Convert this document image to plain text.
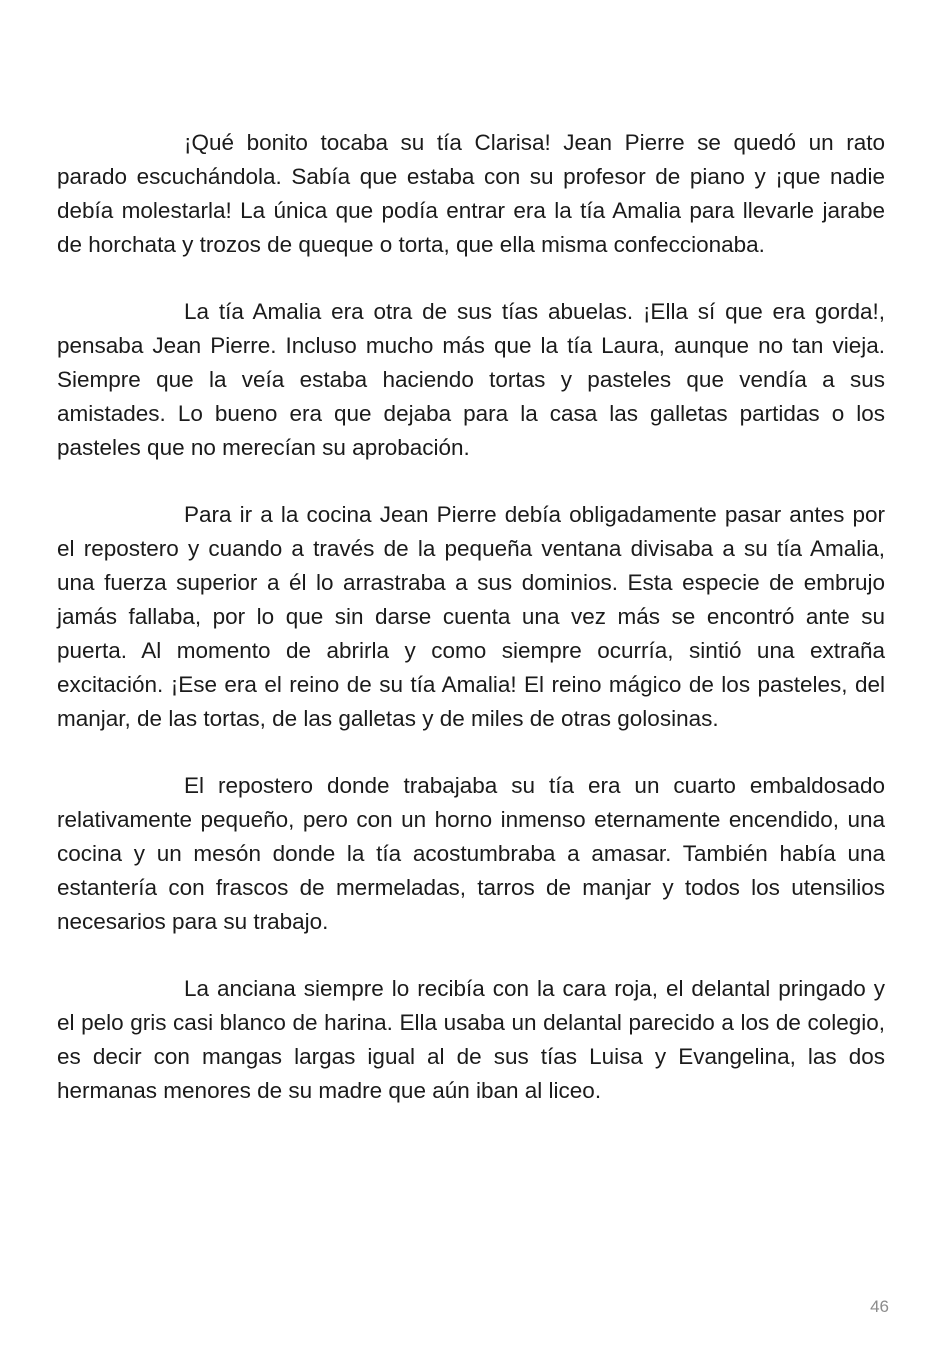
¡Qué bonito tocaba su tía Clarisa! Jean Pierre se quedó un rato parado escuchándola. Sabía que estaba con su profesor de piano y ¡que nadie debía molestarla! La única que podía entrar era la tía Amalia para llevarle jarabe de horchata y trozos de queque o torta, que ella misma confeccionaba.

La tía Amalia era otra de sus tías abuelas. ¡Ella sí que era gorda!, pensaba Jean Pierre. Incluso mucho más que la tía Laura, aunque no tan vieja. Siempre que la veía estaba haciendo tortas y pasteles que vendía a sus amistades. Lo bueno era que dejaba para la casa las galletas partidas o los pasteles que no merecían su aprobación.

Para ir a la cocina Jean Pierre debía obligadamente pasar antes por el repostero y cuando a través de la pequeña ventana divisaba a su tía Amalia, una fuerza superior a él lo arrastraba a sus dominios. Esta especie de embrujo jamás fallaba, por lo que sin darse cuenta una vez más se encontró ante su puerta. Al momento de abrirla y como siempre ocurría, sintió una extraña excitación. ¡Ese era el reino de su tía Amalia! El reino mágico de los pasteles, del manjar, de las tortas, de las galletas y de miles de otras golosinas.

El repostero donde trabajaba su tía era un cuarto embaldosado relativamente pequeño, pero con un horno inmenso eternamente encendido, una cocina y un mesón donde la tía acostumbraba a amasar. También había una estantería con frascos de mermeladas, tarros de manjar y todos los utensilios necesarios para su trabajo.

La anciana siempre lo recibía con la cara roja, el delantal pringado y el pelo gris casi blanco de harina. Ella usaba un delantal parecido a los de colegio, es decir con mangas largas igual al de sus tías Luisa y Evangelina, las dos hermanas menores de su madre que aún iban al liceo.

46
